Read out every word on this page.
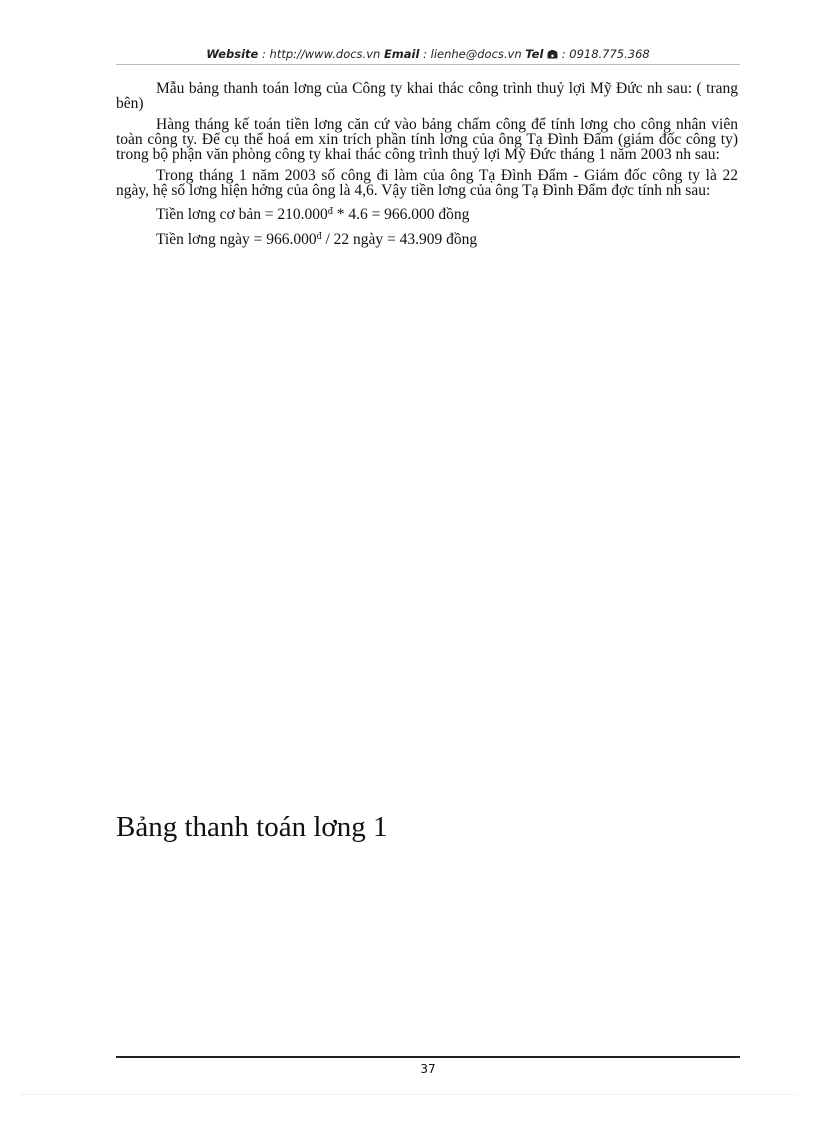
Website : http://www.docs.vn Email : lienhe@docs.vn Tel  : 0918.775.368

Mẫu bảng thanh toán lơng của Công ty khai thác công trình thuỷ lợi Mỹ Đức nh sau: ( trang bên)

Hàng tháng kế toán tiền lơng căn cứ vào bảng chấm công để tính lơng cho công nhân viên toàn công ty. Để cụ thể hoá em xin trích phần tính lơng của ông Tạ Đình Đẩm (giám đốc công ty) trong bộ phận văn phòng công ty khai thác công trình thuỷ lợi Mỹ Đức tháng 1 năm 2003 nh sau:

Trong tháng 1 năm 2003 số công đi làm của ông Tạ Đình Đẩm - Giám đốc công ty là 22 ngày, hệ số lơng hiện hởng của ông là 4,6. Vậy tiền lơng của ông Tạ Đình Đẩm đợc tính nh sau:

Tiền lơng cơ bản = $210.000^đ * 4.6 = 966.000$ đồng
Tiền lơng ngày = $966.000^đ / 22$ ngày = 43.909 đồng
Bảng thanh toán lơng 1
37
